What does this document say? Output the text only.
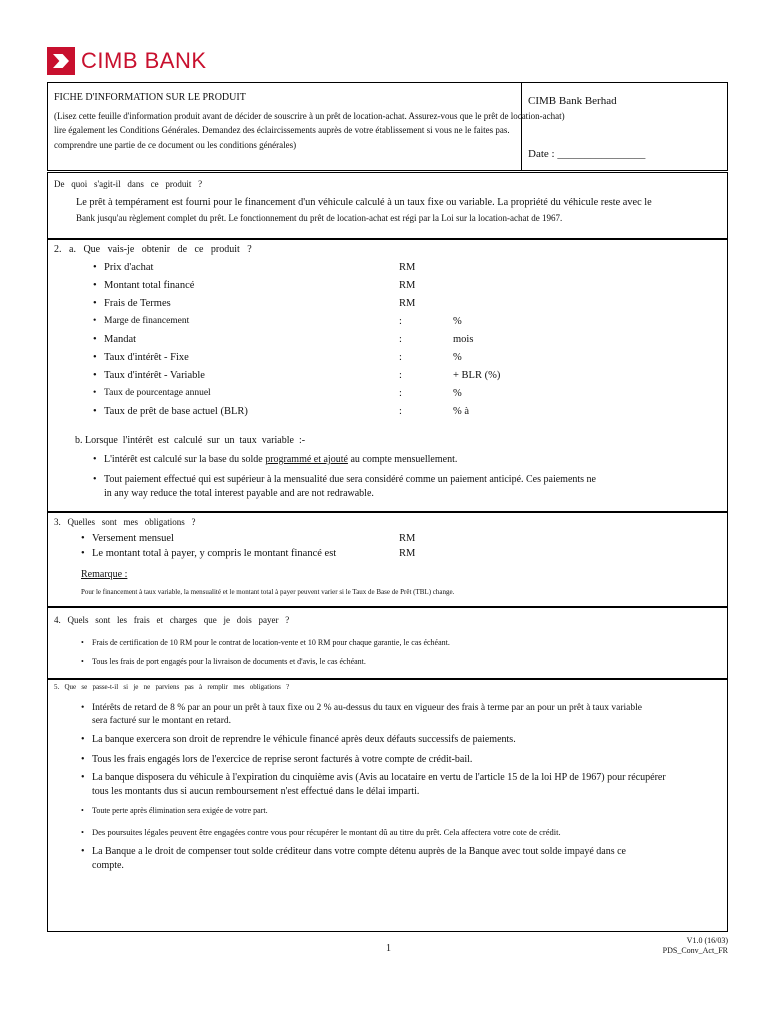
CIMB BANK
FICHE D'INFORMATION SUR LE PRODUIT
(Lisez cette feuille d'information produit avant de décider de souscrire à un prêt de location-achat. Assurez-vous que le prêt de location-achat)
lire également les Conditions Générales. Demandez des éclaircissements auprès de votre établissement si vous ne le faites pas.
comprendre une partie de ce document ou les conditions générales)
CIMB Bank Berhad
Date : ________________
De   quoi   s'agit-il   dans   ce   produit   ?
Le prêt à tempérament est fourni pour le financement d'un véhicule calculé à un taux fixe ou variable. La propriété du véhicule reste avec le
Bank jusqu'au règlement complet du prêt. Le fonctionnement du prêt de location-achat est régi par la Loi sur la location-achat de 1967.
2.   a.   Que   vais-je   obtenir   de   ce   produit   ?
• Prix d'achat	RM
• Montant total financé	RM
• Frais de Termes	RM
• Marge de financement	:	%
• Mandat	:	mois
• Taux d'intérêt - Fixe	:	%
• Taux d'intérêt - Variable	:	+ BLR (%)
• Taux de pourcentage annuel	:	%
• Taux de prêt de base actuel (BLR)	:	% à
b. Lorsque  l'intérêt  est  calculé  sur  un  taux  variable  :-
• L'intérêt est calculé sur la base du solde programmé et ajouté au compte mensuellement.
• Tout paiement effectué qui est supérieur à la mensualité due sera considéré comme un paiement anticipé. Ces paiements ne
in any way reduce the total interest payable and are not redrawable.
3.   Quelles   sont   mes   obligations   ?
• Versement mensuel	RM
• Le montant total à payer, y compris le montant financé est	RM
Remarque :
Pour le financement à taux variable, la mensualité et le montant total à payer peuvent varier si le Taux de Base de Prêt (TBL) change.
4.   Quels   sont   les   frais   et   charges   que   je   dois   payer   ?
• Frais de certification de 10 RM pour le contrat de location-vente et 10 RM pour chaque garantie, le cas échéant.
• Tous les frais de port engagés pour la livraison de documents et d'avis, le cas échéant.
5.   Que   se   passe-t-il   si   je   ne   parviens   pas   à   remplir   mes   obligations   ?
• Intérêts de retard de 8 % par an pour un prêt à taux fixe ou 2 % au-dessus du taux en vigueur des frais à terme par an pour un prêt à taux variable
sera facturé sur le montant en retard.
• La banque exercera son droit de reprendre le véhicule financé après deux défauts successifs de paiements.
• Tous les frais engagés lors de l'exercice de reprise seront facturés à votre compte de crédit-bail.
• La banque disposera du véhicule à l'expiration du cinquième avis (Avis au locataire en vertu de l'article 15 de la loi HP de 1967) pour récupérer
tous les montants dus si aucun remboursement n'est effectué dans le délai imparti.
• Toute perte après élimination sera exigée de votre part.
• Des poursuites légales peuvent être engagées contre vous pour récupérer le montant dû au titre du prêt. Cela affectera votre cote de crédit.
• La Banque a le droit de compenser tout solde créditeur dans votre compte détenu auprès de la Banque avec tout solde impayé dans ce
compte.
1
V1.0 (16/03)
PDS_Conv_Act_FR
